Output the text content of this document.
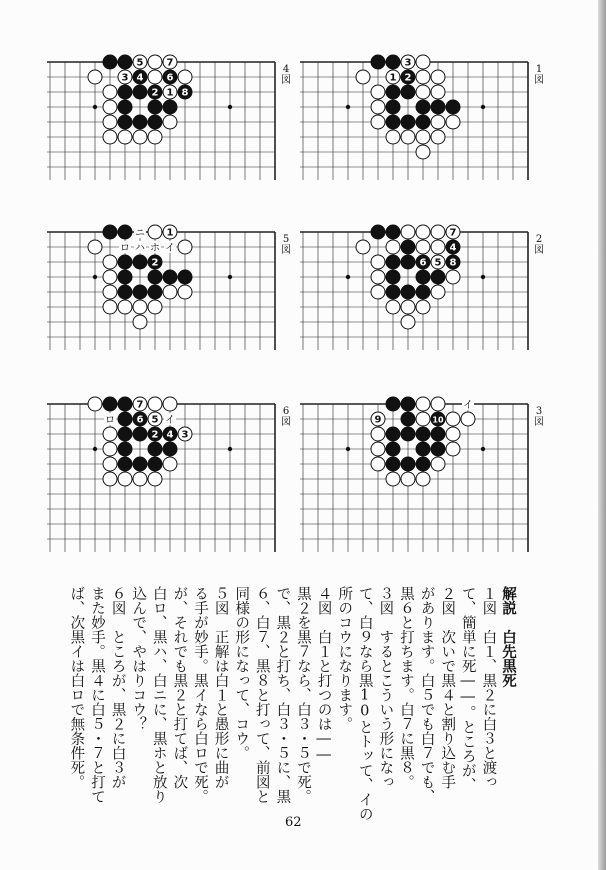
5 7
3 4 6
2 1 8
4
図
3
1 2
1
図
1
2
ニ
ロ ハ ホ イ
5
図
7
4
6 5 8
2
図
7
6 5
2 4 3
ロ	イ
6
図	9	10
イ
3
図
解説　白先黒死
１図　白１、黒２に白３と渡っ
て、簡単に死――。ところが、
２図　次いで黒４と割り込む手
があります。白５でも白７でも、
黒６と打ちます。白７に黒８。
３図　するとこういう形になっ
て、白９なら黒10とトッて、イの
所のコウになります。
４図　白１と打つのは――
黒２を黒７なら、白３・５で死。
で、黒２と打ち、白３・５に、黒
６、白７、黒８と打って、前図と
同様の形になって、コウ。
５図　正解は白１と愚形に曲が
る手が妙手。黒イなら白ロで死。
が、それでも黒２と打てば、次
白ロ、黒ハ、白ニに、黒ホと放り
込んで、やはりコウ？
６図　ところが、黒２に白３が
また妙手。黒４に白５・７と打て
ば、次黒イは白ロで無条件死。
62
